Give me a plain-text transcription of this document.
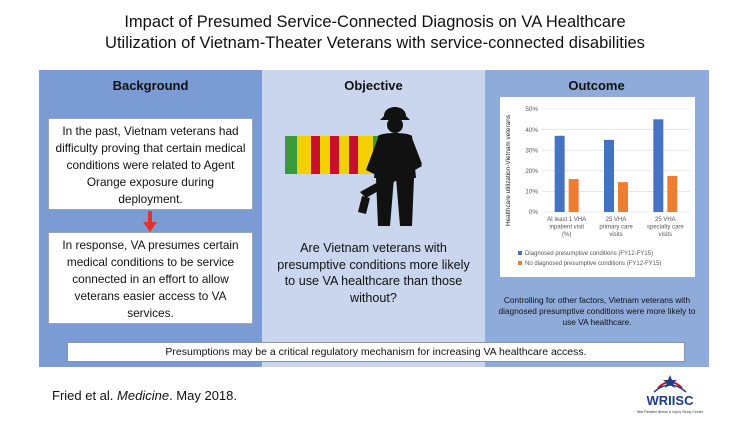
Impact of Presumed Service-Connected Diagnosis on VA Healthcare
Utilization of Vietnam-Theater Veterans with service-connected disabilities
Background	Objective	Outcome
In the past, Vietnam veterans had difficulty proving that certain medical conditions were related to Agent Orange exposure during deployment.
In response, VA presumes certain medical conditions to be service connected in an effort to allow veterans easier access to VA services.
Are Vietnam veterans with presumptive conditions more likely to use VA healthcare than those without?
Healthcare utilization-Vietnam veterans	0%
10%
20%
30%
40%
50%
At least 1 VHA
inpatient visit
(%)
25 VHA
primary care
visits
25 VHA
specialty care
visits
Diagnosed presumptive conditions (FY12-FY15)
No diagnosed presumptive conditions (FY12-FY15)
Controlling for other factors, Vietnam veterans with diagnosed presumptive conditions were more likely to use VA healthcare.
Presumptions may be a critical regulatory mechanism for increasing VA healthcare access.
Fried et al. Medicine. May 2018.	WRIISC
War Related Illness & Injury Study Center
